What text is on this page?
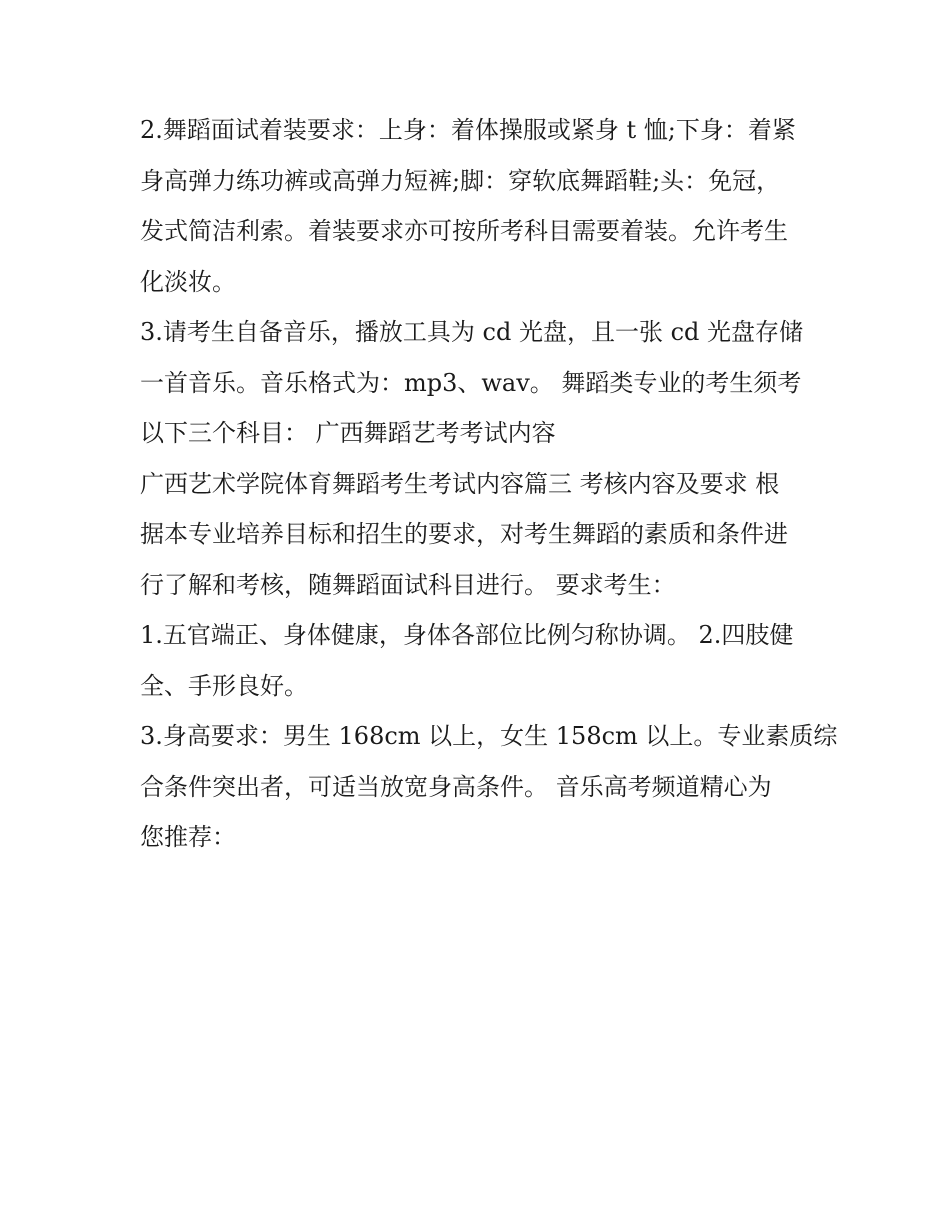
2.舞蹈面试着装要求：上身：着体操服或紧身 t 恤;下身：着紧
身高弹力练功裤或高弹力短裤;脚：穿软底舞蹈鞋;头：免冠，
发式简洁利索。着装要求亦可按所考科目需要着装。允许考生
化淡妆。
3.请考生自备音乐，播放工具为 cd 光盘，且一张 cd 光盘存储
一首音乐。音乐格式为：mp3、wav。 舞蹈类专业的考生须考
以下三个科目： 广西舞蹈艺考考试内容
广西艺术学院体育舞蹈考生考试内容篇三 考核内容及要求 根
据本专业培养目标和招生的要求，对考生舞蹈的素质和条件进
行了解和考核，随舞蹈面试科目进行。 要求考生：
1.五官端正、身体健康，身体各部位比例匀称协调。 2.四肢健
全、手形良好。
3.身高要求：男生 168cm 以上，女生 158cm 以上。专业素质综
合条件突出者，可适当放宽身高条件。 音乐高考频道精心为
您推荐：
